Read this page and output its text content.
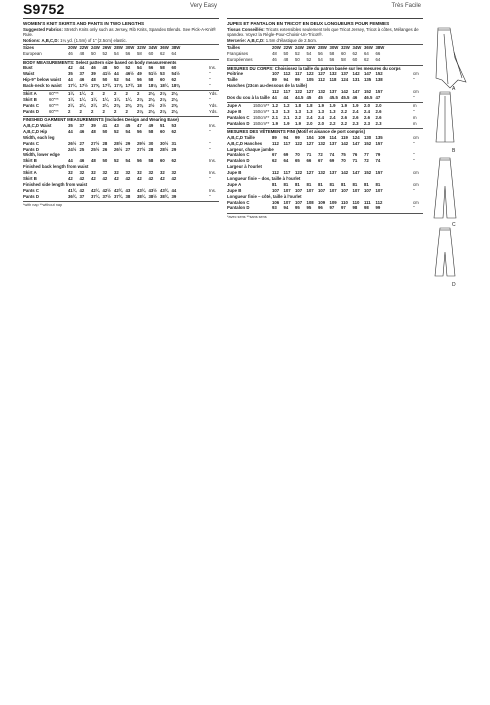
S9752	Very Easy
WOMEN'S KNIT SKIRTS AND PANTS IN TWO LENGTHS
Suggested Fabrics: Stretch Knits only such as Jersey, Rib Knits, Spandex Blends. See Pick-A-Knit® Rule.
Notions: A,B,C,D: 1¼ yd. (1.5m) of 1" (2.5cm) elastic.
Sizes	20W 22W 24W 26W 28W 30W 32W 34W 36W 38W
European	46	48	50	52	54	56	58	60	62	64
BODY MEASUREMENTS: Select pattern size based on body measurements
Bust	42	44	46	48	50	52	54	56	58	60	Ins.
Waist	35	37	39	41½ 44	46½ 49	51½ 53	54½	"
Hip-9" below waist 44	46	48	50	52	54	56	58	60	62	"
Back-neck to waist 17¼ 17½ 17⅝ 17¾ 17⅞ 17¾ 18	18⅛ 18¼ 18⅜	"
Skirt A	60"** 1¼	1¼	2	2	2	2	2	2⅛	2⅛	2⅛	Yds.
Skirt B	60"** 1¼	1¼	1¼	1¼	1¼	1¼	2⅛	2⅛	2⅛	2⅛	"
Pants C 60"** 2¼	2¼	2¼	2¼	2⅜	2⅜	2⅜	2½	2½	2⅝	Yds.
Pants D 60"** 2	2	2	2	2	2	2⅛	2⅛	2⅛	2⅛	Yds.
FINISHED GARMENT MEASUREMENTS (Includes Design and Wearing Ease)
A,B,C,D Waist	35	37	39	41	43	45	47	49	51	53	Ins.
A,B,C,D Hip	44	46	48	50	52	54	56	58	60	62	"
Width, each leg
Pants C	26½ 27	27½ 28	28½ 29	29½ 30	30½ 31	"
Pants D	24½ 25	25½ 26	26½ 27	27½ 28	28½ 29	"
Width, lower edge
Skirt B	44	46	48	50	52	54	56	58	60	62	Ins.
Finished back length from waist
Skirt A	32	32	32	32	32	32	32	32	32	32	Ins.
Skirt B	42	42	42	42	42	42	42	42	42	42	"
Finished side length from waist
Pants C	41¾ 42	42¼ 42½ 42¾ 43	43¼ 43½ 43¾ 44	Ins.
Pants D	36¾ 37	37¼ 37½ 37¾ 38	38¼ 38½ 38¾ 39	"
*with nap **without nap
Très Facile
JUPES ET PANTALON EN TRICOT EN DEUX LONGUEURS POUR FEMMES
Tissus Conseillés: Tricots extensibles seulement tels que Tricot Jersey, Tricot à côtes, Mélanges de spandex. Voyez la Règle-Pour-Choisir-Un-Tricot®.
Mercerie: A,B,C,D: 1.5m d'élastique de 2.5cm.
Tailles	20W 22W 24W 26W 28W 30W 32W 34W 36W 38W
Françaises	48	50	52	54	56	58	60	62	64	66
Européennes	46	48	50	52	54	56	58	60	62	64
MESURES DU CORPS: Choisissez la taille du patron basée sur les mesures du corps
Poitrine	107	112	117	122	127	132	137	142	147	152	cm
Taille	89	94	99	105	112	118	124	131	135	138	"
Hanches (23cm au-dessous de la taille)
112	117	122	127	132	137	142	147	152	157	cm
Dos du cou à la taille 44	44	44.5 45	45	45.5 45.5 46	46.5 47	"
Jupe A	150cm** 1.2	1.2	1.8	1.8	1.9	1.9	1.9	1.9	2.0	2.0	m
Jupe B	150cm** 1.3	1.3	1.3	1.3	1.3	1.3	2.2	2.4	2.4	2.6	"
Pantalon C 150cm** 2.1	2.1	2.2	2.4	2.4	2.4	2.6	2.6	2.6	2.6	m
Pantalon D 150cm** 1.9	1.9	1.9	2.0	2.0	2.2	2.2	2.3	2.3	2.3	m
MESURES DES VÊTEMENTS FINI (Motif et aisance de port compris)
A,B,C,D Taille	89	94	99	104	109	114	119	124	130	135	cm
A,B,C,D Hanches 112	117	122	127	132	137	142	147	152	157	"
Largeur, chaque jambe
Pantalon C	67	69	70	71	72	74	75	76	77	79	"
Pantalon D	62	64	65	66	67	69	70	71	72	74	"
Largeur à l'ourlet
Jupe B	112	117	122	127	132	137	142	147	152	157	cm
Longueur finie – dos, taille à l'ourlet
Jupe A	81	81	81	81	81	81	81	81	81	81	cm
Jupe B	107	107	107	107	107	107	107	107	107	107	"
Longueur finie – côté, taille à l'ourlet
Pantalon C	106	107	107	108	109	109	110	110	111	112	cm
Pantalon D	93	94	95	95	96	97	97	98	98	99	"
*avec sens **sans sens
A
B
C
D
